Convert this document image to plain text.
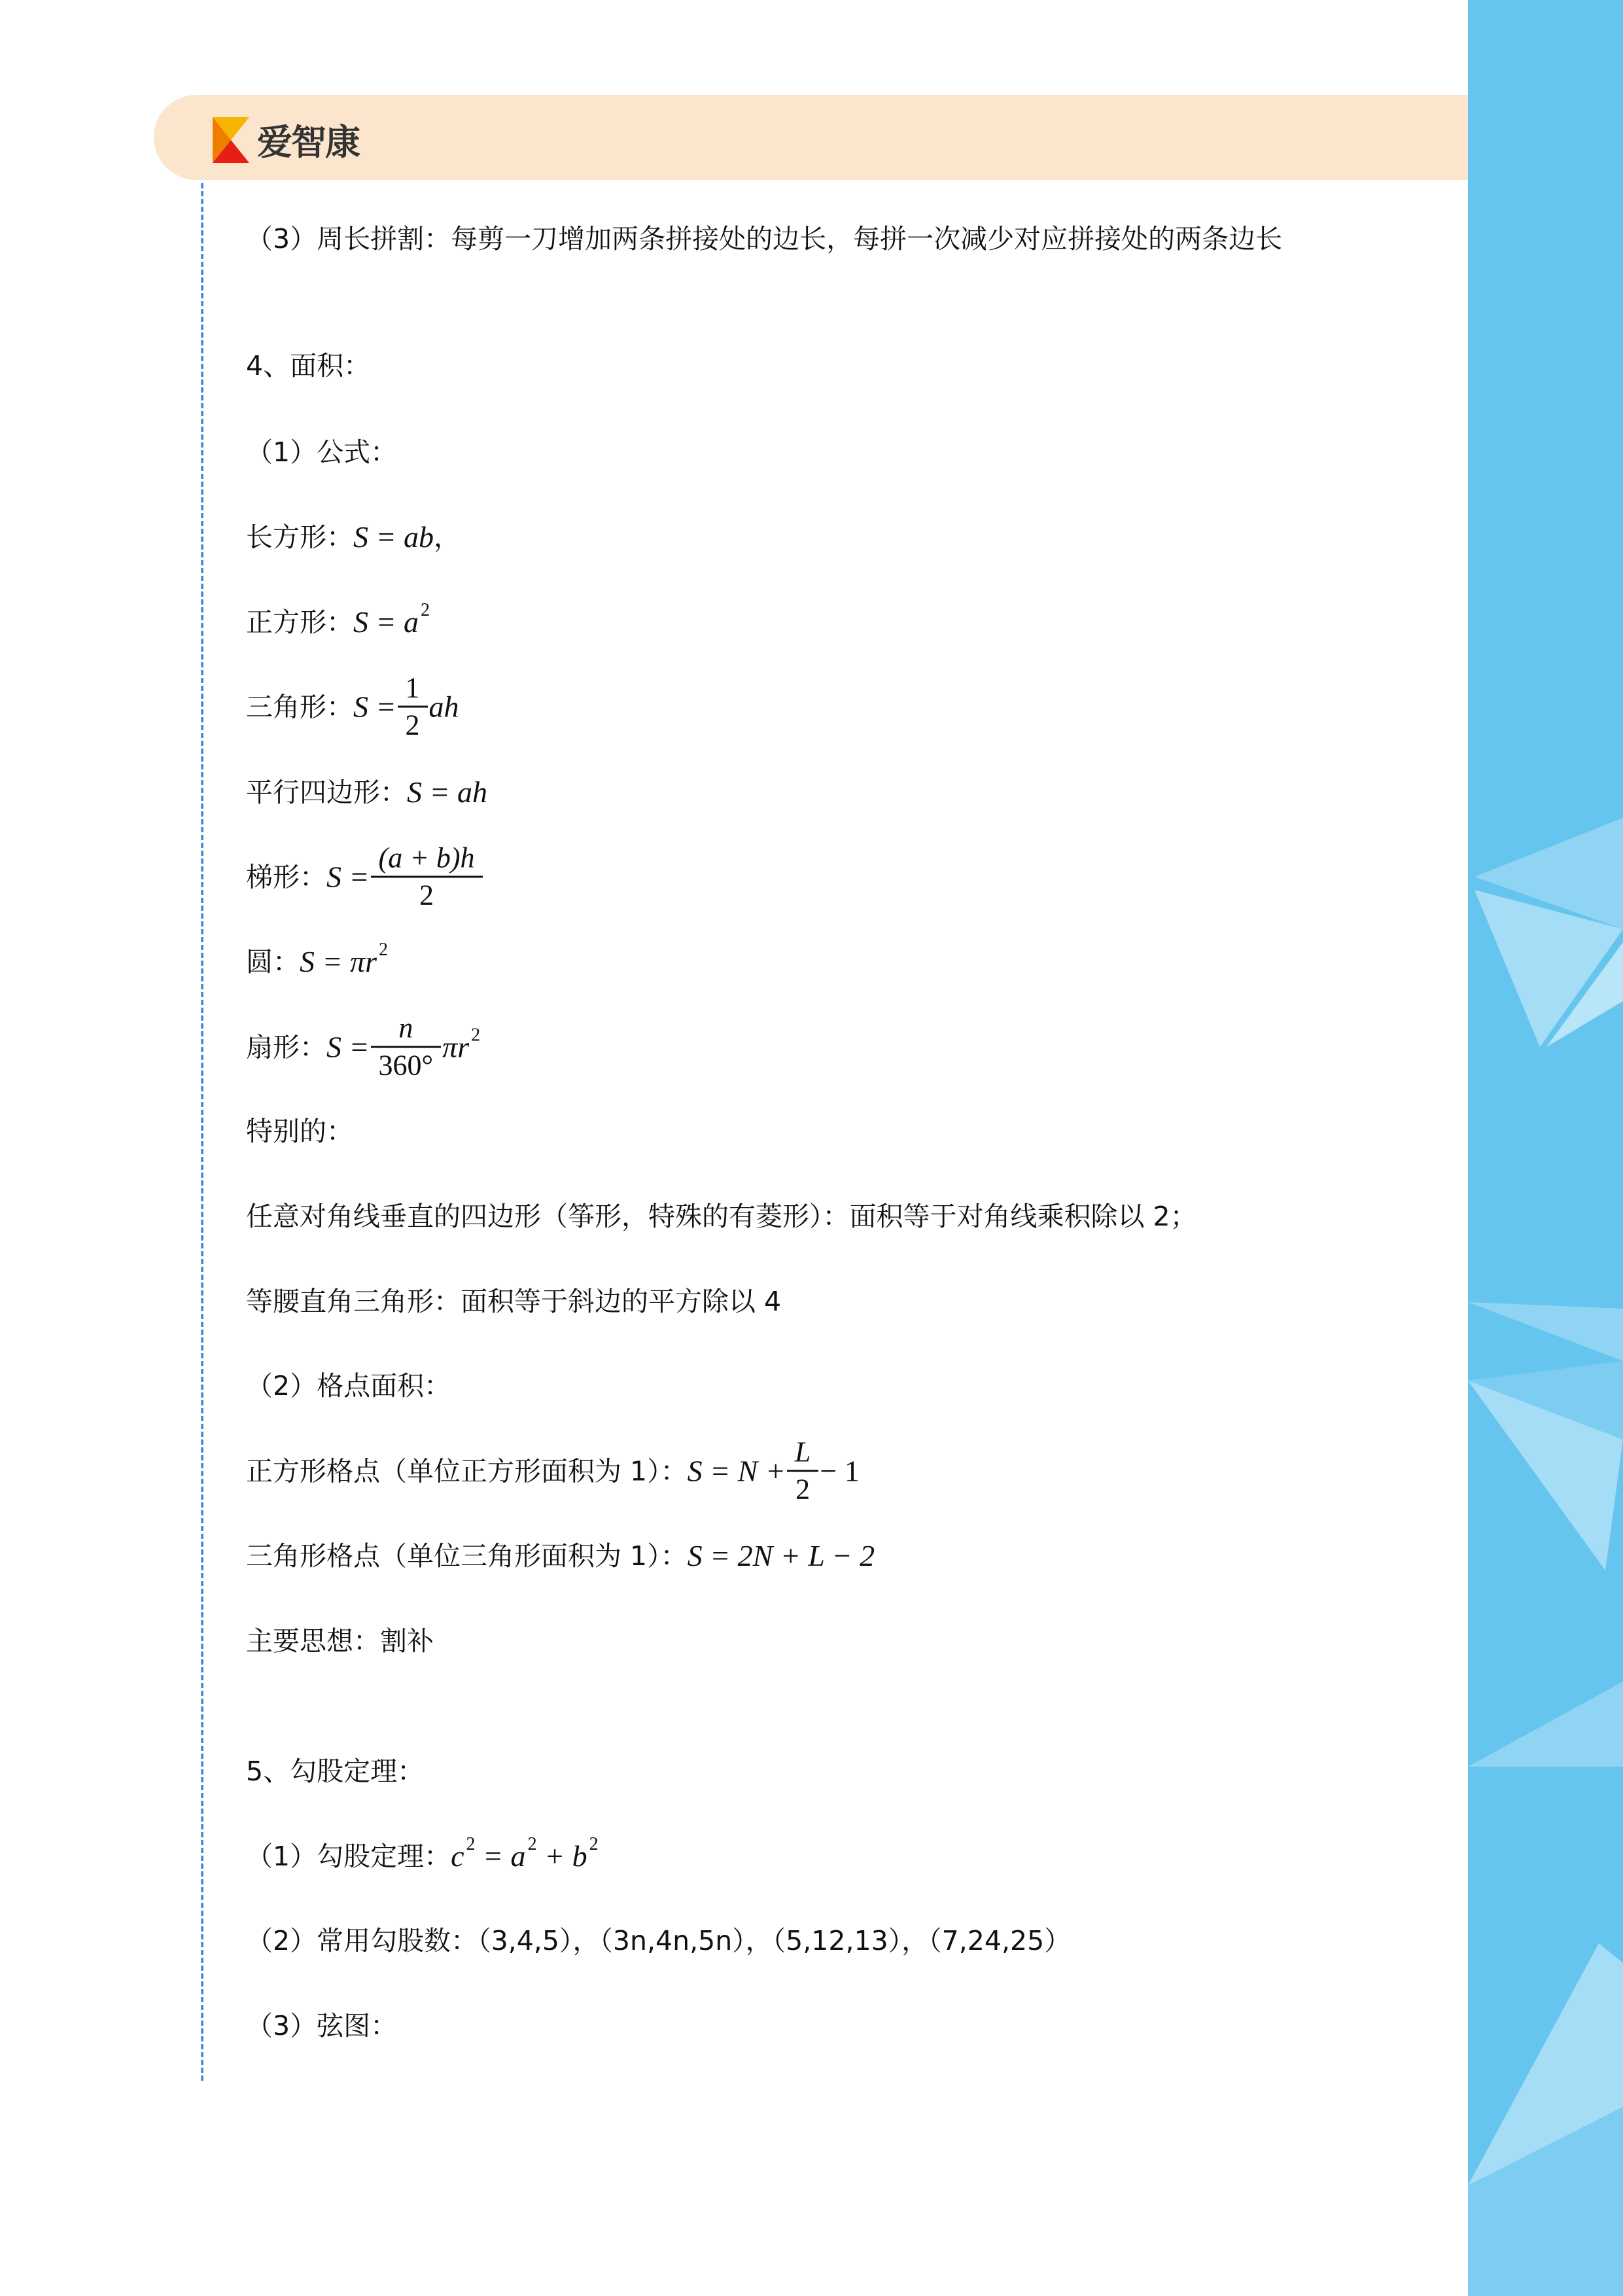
爱智康
（3）周长拼割：每剪一刀增加两条拼接处的边长，每拼一次减少对应拼接处的两条边长
4、面积：
（1）公式：
长方形： S = ab ，
正方形： S = a 2
三角形： $S = \frac{1}{2}$ ah
平行四边形： S = ah
梯形： $S = \frac{(a + b)h}{2}$
圆： S = πr 2
扇形： $S = \frac{n}{360^\circ}$ πr 2
特别的：
任意对角线垂直的四边形（筝形，特殊的有菱形）：面积等于对角线乘积除以 2；
等腰直角三角形：面积等于斜边的平方除以 4
（2）格点面积：
正方形格点（单位正方形面积为 1）： $S = N + \frac{L}{2} - 1$
三角形格点（单位三角形面积为 1）： S = 2N + L − 2
主要思想：割补
5、勾股定理：
（1）勾股定理： c 2 = a 2 + b 2
（2）常用勾股数：（3,4,5），（3n,4n,5n），（5,12,13），（7,24,25）
（3）弦图：
